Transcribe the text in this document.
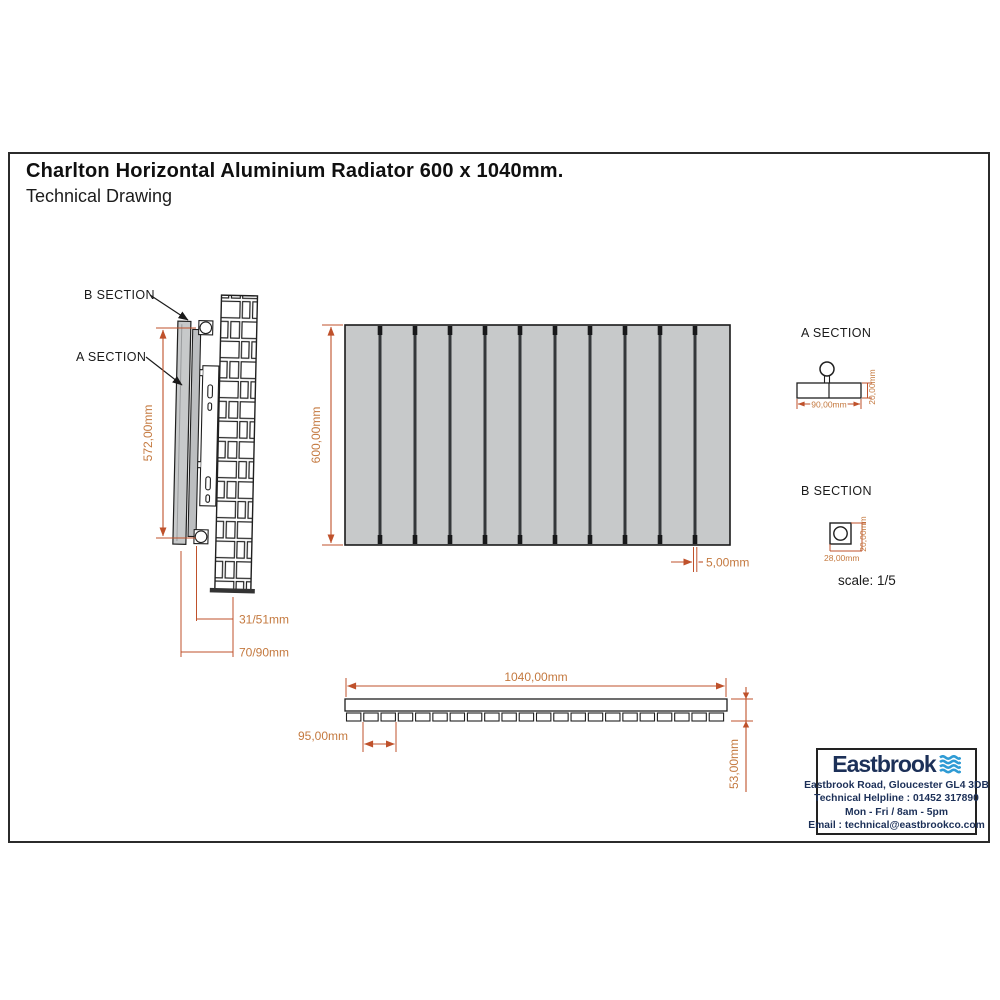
Charlton Horizontal Aluminium Radiator 600 x 1040mm.
Technical Drawing
B SECTION
A SECTION
572,00mm
31/51mm
70/90mm
600,00mm
5,00mm
A SECTION
90,00mm 20,00mm
B SECTION
20,00mm
28,00mm
scale: 1/5
1040,00mm
95,00mm
53,00mm	Eastbrook
Eastbrook Road, Gloucester GL4 3DB
Technical Helpline : 01452 317890
Mon - Fri / 8am - 5pm
Email : technical@eastbrookco.com
